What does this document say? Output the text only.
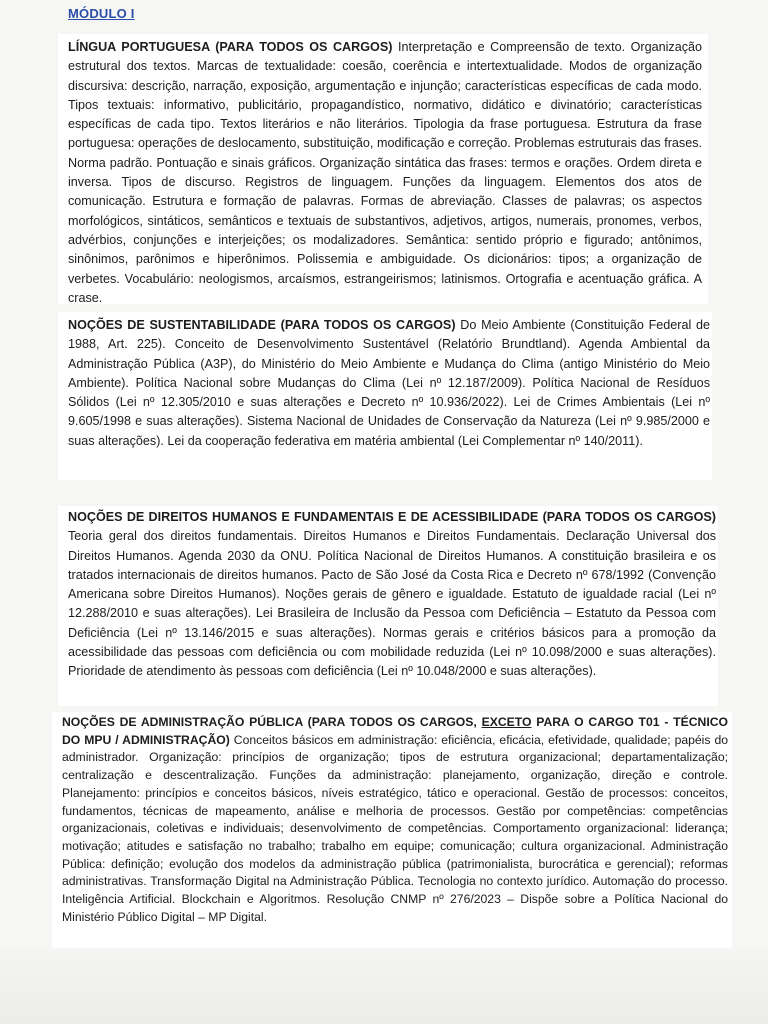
MÓDULO I
LÍNGUA PORTUGUESA (PARA TODOS OS CARGOS) Interpretação e Compreensão de texto. Organização estrutural dos textos. Marcas de textualidade: coesão, coerência e intertextualidade. Modos de organização discursiva: descrição, narração, exposição, argumentação e injunção; características específicas de cada modo. Tipos textuais: informativo, publicitário, propagandístico, normativo, didático e divinatório; características específicas de cada tipo. Textos literários e não literários. Tipologia da frase portuguesa. Estrutura da frase portuguesa: operações de deslocamento, substituição, modificação e correção. Problemas estruturais das frases. Norma padrão. Pontuação e sinais gráficos. Organização sintática das frases: termos e orações. Ordem direta e inversa. Tipos de discurso. Registros de linguagem. Funções da linguagem. Elementos dos atos de comunicação. Estrutura e formação de palavras. Formas de abreviação. Classes de palavras; os aspectos morfológicos, sintáticos, semânticos e textuais de substantivos, adjetivos, artigos, numerais, pronomes, verbos, advérbios, conjunções e interjeições; os modalizadores. Semântica: sentido próprio e figurado; antônimos, sinônimos, parônimos e hiperônimos. Polissemia e ambiguidade. Os dicionários: tipos; a organização de verbetes. Vocabulário: neologismos, arcaísmos, estrangeirismos; latinismos. Ortografia e acentuação gráfica. A crase.
NOÇÕES DE SUSTENTABILIDADE (PARA TODOS OS CARGOS) Do Meio Ambiente (Constituição Federal de 1988, Art. 225). Conceito de Desenvolvimento Sustentável (Relatório Brundtland). Agenda Ambiental da Administração Pública (A3P), do Ministério do Meio Ambiente e Mudança do Clima (antigo Ministério do Meio Ambiente). Política Nacional sobre Mudanças do Clima (Lei nº 12.187/2009). Política Nacional de Resíduos Sólidos (Lei nº 12.305/2010 e suas alterações e Decreto nº 10.936/2022). Lei de Crimes Ambientais (Lei nº 9.605/1998 e suas alterações). Sistema Nacional de Unidades de Conservação da Natureza (Lei nº 9.985/2000 e suas alterações). Lei da cooperação federativa em matéria ambiental (Lei Complementar nº 140/2011).
NOÇÕES DE DIREITOS HUMANOS E FUNDAMENTAIS E DE ACESSIBILIDADE (PARA TODOS OS CARGOS) Teoria geral dos direitos fundamentais. Direitos Humanos e Direitos Fundamentais. Declaração Universal dos Direitos Humanos. Agenda 2030 da ONU. Política Nacional de Direitos Humanos. A constituição brasileira e os tratados internacionais de direitos humanos. Pacto de São José da Costa Rica e Decreto nº 678/1992 (Convenção Americana sobre Direitos Humanos). Noções gerais de gênero e igualdade. Estatuto de igualdade racial (Lei nº 12.288/2010 e suas alterações). Lei Brasileira de Inclusão da Pessoa com Deficiência – Estatuto da Pessoa com Deficiência (Lei nº 13.146/2015 e suas alterações). Normas gerais e critérios básicos para a promoção da acessibilidade das pessoas com deficiência ou com mobilidade reduzida (Lei nº 10.098/2000 e suas alterações). Prioridade de atendimento às pessoas com deficiência (Lei nº 10.048/2000 e suas alterações).
NOÇÕES DE ADMINISTRAÇÃO PÚBLICA (PARA TODOS OS CARGOS, EXCETO PARA O CARGO T01 - TÉCNICO DO MPU / ADMINISTRAÇÃO) Conceitos básicos em administração: eficiência, eficácia, efetividade, qualidade; papéis do administrador. Organização: princípios de organização; tipos de estrutura organizacional; departamentalização; centralização e descentralização. Funções da administração: planejamento, organização, direção e controle. Planejamento: princípios e conceitos básicos, níveis estratégico, tático e operacional. Gestão de processos: conceitos, fundamentos, técnicas de mapeamento, análise e melhoria de processos. Gestão por competências: competências organizacionais, coletivas e individuais; desenvolvimento de competências. Comportamento organizacional: liderança; motivação; atitudes e satisfação no trabalho; trabalho em equipe; comunicação; cultura organizacional. Administração Pública: definição; evolução dos modelos da administração pública (patrimonialista, burocrática e gerencial); reformas administrativas. Transformação Digital na Administração Pública. Tecnologia no contexto jurídico. Automação do processo. Inteligência Artificial. Blockchain e Algoritmos. Resolução CNMP nº 276/2023 – Dispõe sobre a Política Nacional do Ministério Público Digital – MP Digital.
